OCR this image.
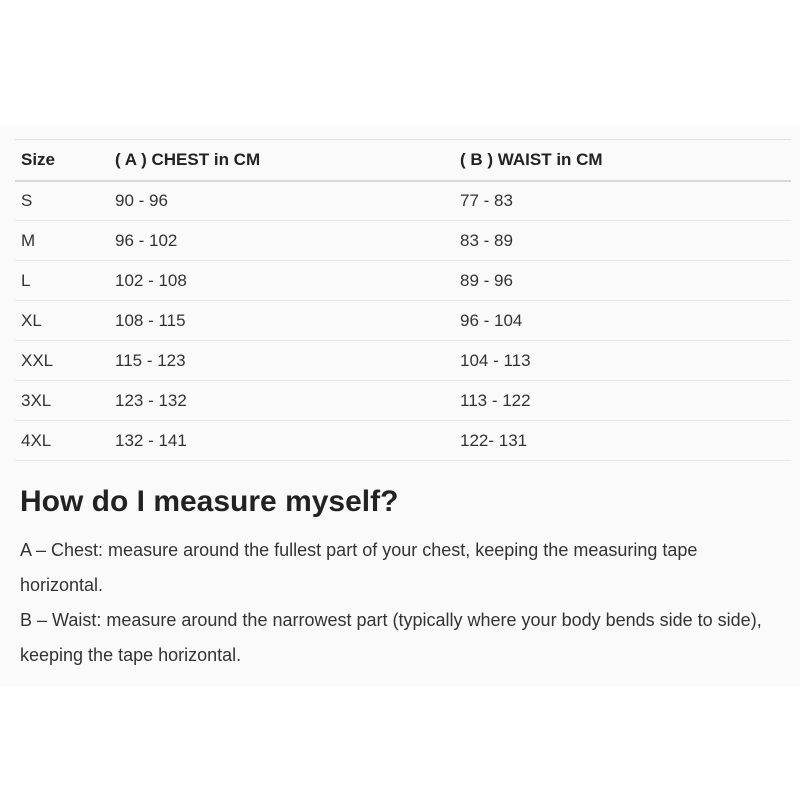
Size	( A ) CHEST in CM	( B ) WAIST in CM
S	90 - 96	77 - 83
M	96 - 102	83 - 89
L	102 - 108	89 - 96
XL	108 - 115	96 - 104
XXL	115 - 123	104 - 113
3XL	123 - 132	113 - 122
4XL	132 - 141	122- 131
How do I measure myself?

A – Chest: measure around the fullest part of your chest, keeping the measuring tape horizontal.

B – Waist: measure around the narrowest part (typically where your body bends side to side), keeping the tape horizontal.
